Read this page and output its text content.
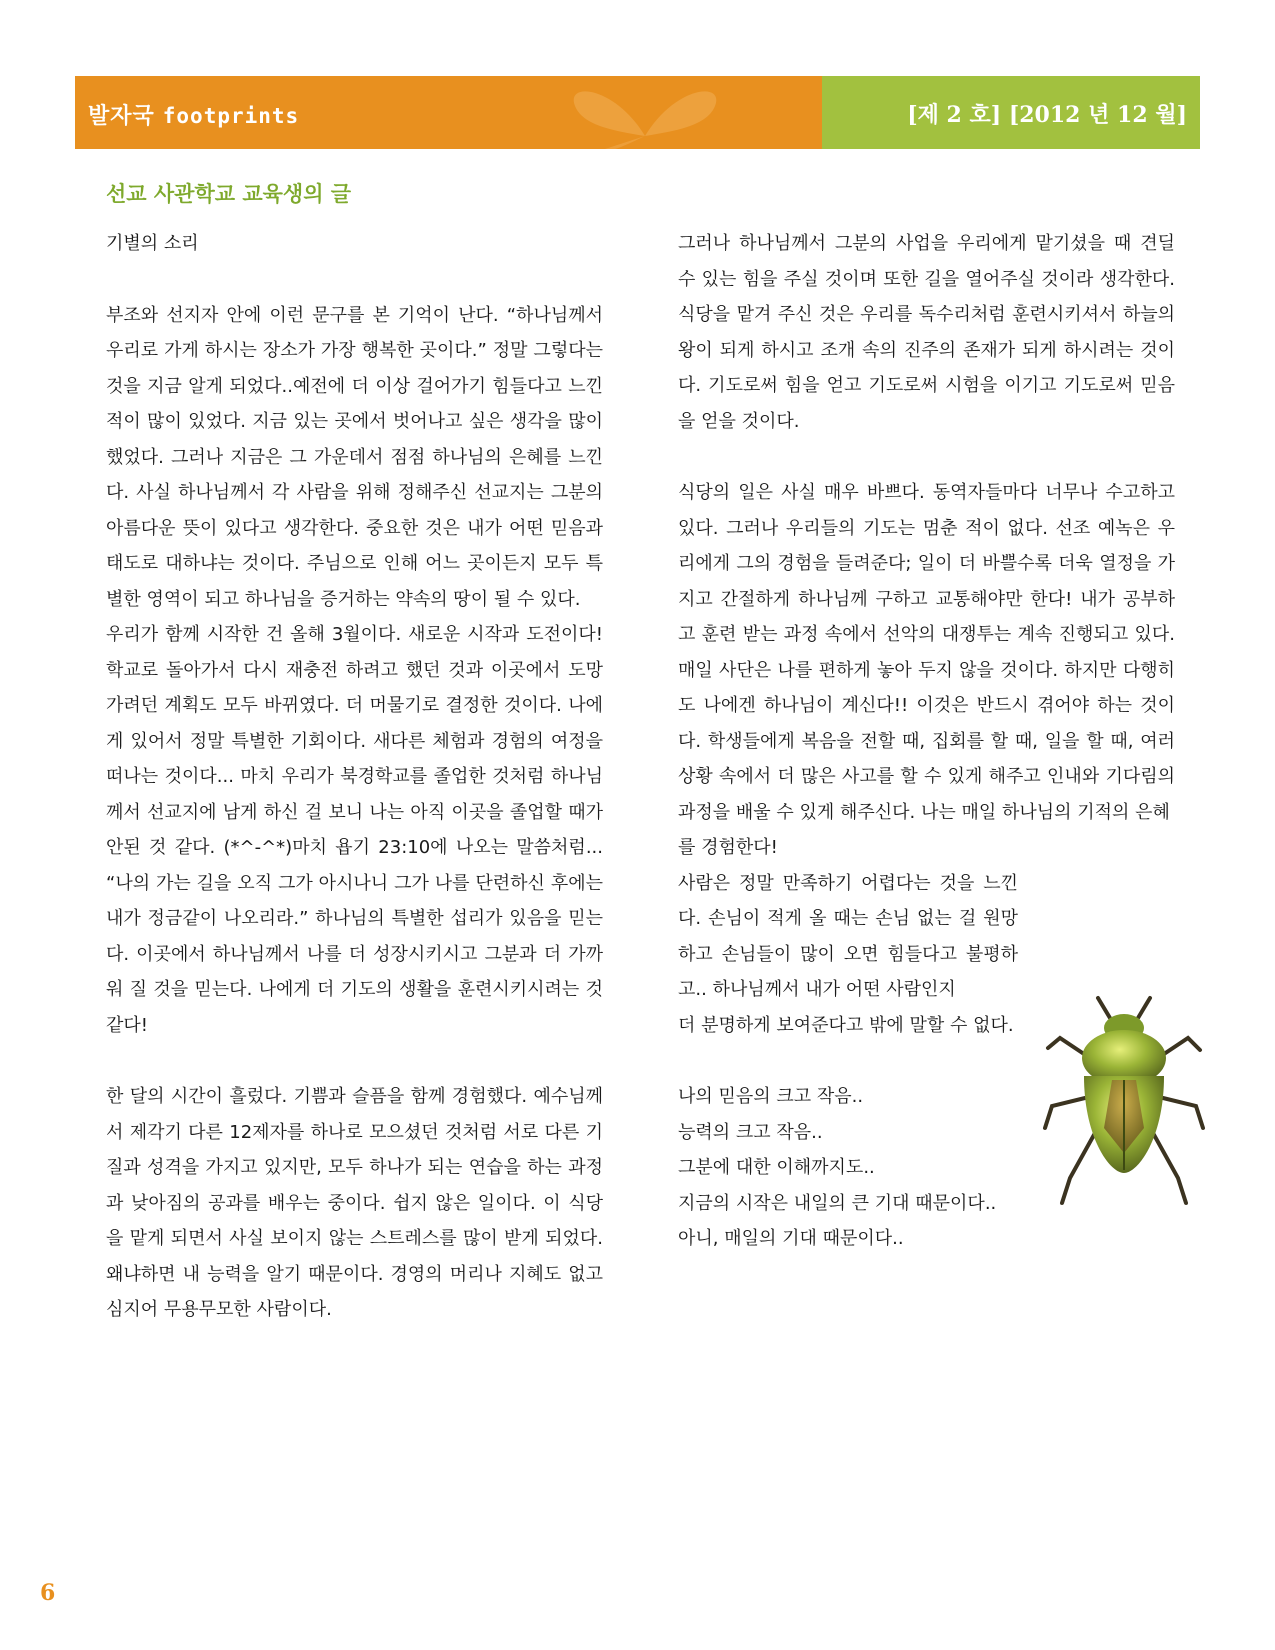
발자국 footprints	[제 2 호] [2012 년 12 월]
선교 사관학교 교육생의 글

기별의 소리

부조와 선지자 안에 이런 문구를 본 기억이 난다. “하나님께서 우리로 가게 하시는 장소가 가장 행복한 곳이다.” 정말 그렇다는 것을 지금 알게 되었다..예전에 더 이상 걸어가기 힘들다고 느낀 적이 많이 있었다. 지금 있는 곳에서 벗어나고 싶은 생각을 많이 했었다. 그러나 지금은 그 가운데서 점점 하나님의 은혜를 느낀다. 사실 하나님께서 각 사람을 위해 정해주신 선교지는 그분의 아름다운 뜻이 있다고 생각한다. 중요한 것은 내가 어떤 믿음과 태도로 대하냐는 것이다. 주님으로 인해 어느 곳이든지 모두 특별한 영역이 되고 하나님을 증거하는 약속의 땅이 될 수 있다.

우리가 함께 시작한 건 올해 3월이다. 새로운 시작과 도전이다! 학교로 돌아가서 다시 재충전 하려고 했던 것과 이곳에서 도망가려던 계획도 모두 바뀌였다. 더 머물기로 결정한 것이다. 나에게 있어서 정말 특별한 기회이다. 새다른 체험과 경험의 여정을 떠나는 것이다... 마치 우리가 북경학교를 졸업한 것처럼 하나님께서 선교지에 남게 하신 걸 보니 나는 아직 이곳을 졸업할 때가 안된 것 같다. (*^-^*)마치 욥기 23:10에 나오는 말씀처럼... “나의 가는 길을 오직 그가 아시나니 그가 나를 단련하신 후에는 내가 정금같이 나오리라.” 하나님의 특별한 섭리가 있음을 믿는다. 이곳에서 하나님께서 나를 더 성장시키시고 그분과 더 가까워 질 것을 믿는다. 나에게 더 기도의 생활을 훈련시키시려는 것 같다!

한 달의 시간이 흘렀다. 기쁨과 슬픔을 함께 경험했다. 예수님께서 제각기 다른 12제자를 하나로 모으셨던 것처럼 서로 다른 기질과 성격을 가지고 있지만, 모두 하나가 되는 연습을 하는 과정 과 낮아짐의 공과를 배우는 중이다. 쉽지 않은 일이다. 이 식당을 맡게 되면서 사실 보이지 않는 스트레스를 많이 받게 되었다. 왜냐하면 내 능력을 알기 때문이다. 경영의 머리나 지혜도 없고 심지어 무용무모한 사람이다.

그러나 하나님께서 그분의 사업을 우리에게 맡기셨을 때 견딜 수 있는 힘을 주실 것이며 또한 길을 열어주실 것이라 생각한다. 식당을 맡겨 주신 것은 우리를 독수리처럼 훈련시키셔서 하늘의 왕이 되게 하시고 조개 속의 진주의 존재가 되게 하시려는 것이다. 기도로써 힘을 얻고 기도로써 시험을 이기고 기도로써 믿음을 얻을 것이다.

식당의 일은 사실 매우 바쁘다. 동역자들마다 너무나 수고하고 있다. 그러나 우리들의 기도는 멈춘 적이 없다. 선조 예녹은 우리에게 그의 경험을 들려준다; 일이 더 바쁠수록 더욱 열정을 가지고 간절하게 하나님께 구하고 교통해야만 한다! 내가 공부하고 훈련 받는 과정 속에서 선악의 대쟁투는 계속 진행되고 있다. 매일 사단은 나를 편하게 놓아 두지 않을 것이다. 하지만 다행히도 나에겐 하나님이 계신다!! 이것은 반드시 겪어야 하는 것이다. 학생들에게 복음을 전할 때, 집회를 할 때, 일을 할 때, 여러 상황 속에서 더 많은 사고를 할 수 있게 해주고 인내와 기다림의 과정을 배울 수 있게 해주신다. 나는 매일 하나님의 기적의 은혜

를 경험한다!

사람은 정말 만족하기 어렵다는 것을 느낀다. 손님이 적게 올 때는 손님 없는 걸 원망하고 손님들이 많이 오면 힘들다고 불평하고.. 하나님께서 내가 어떤 사람인지

더 분명하게 보여준다고 밖에 말할 수 없다.

나의 믿음의 크고 작음..

능력의 크고 작음..

그분에 대한 이해까지도..

지금의 시작은 내일의 큰 기대 때문이다..

아니, 매일의 기대 때문이다..

6
